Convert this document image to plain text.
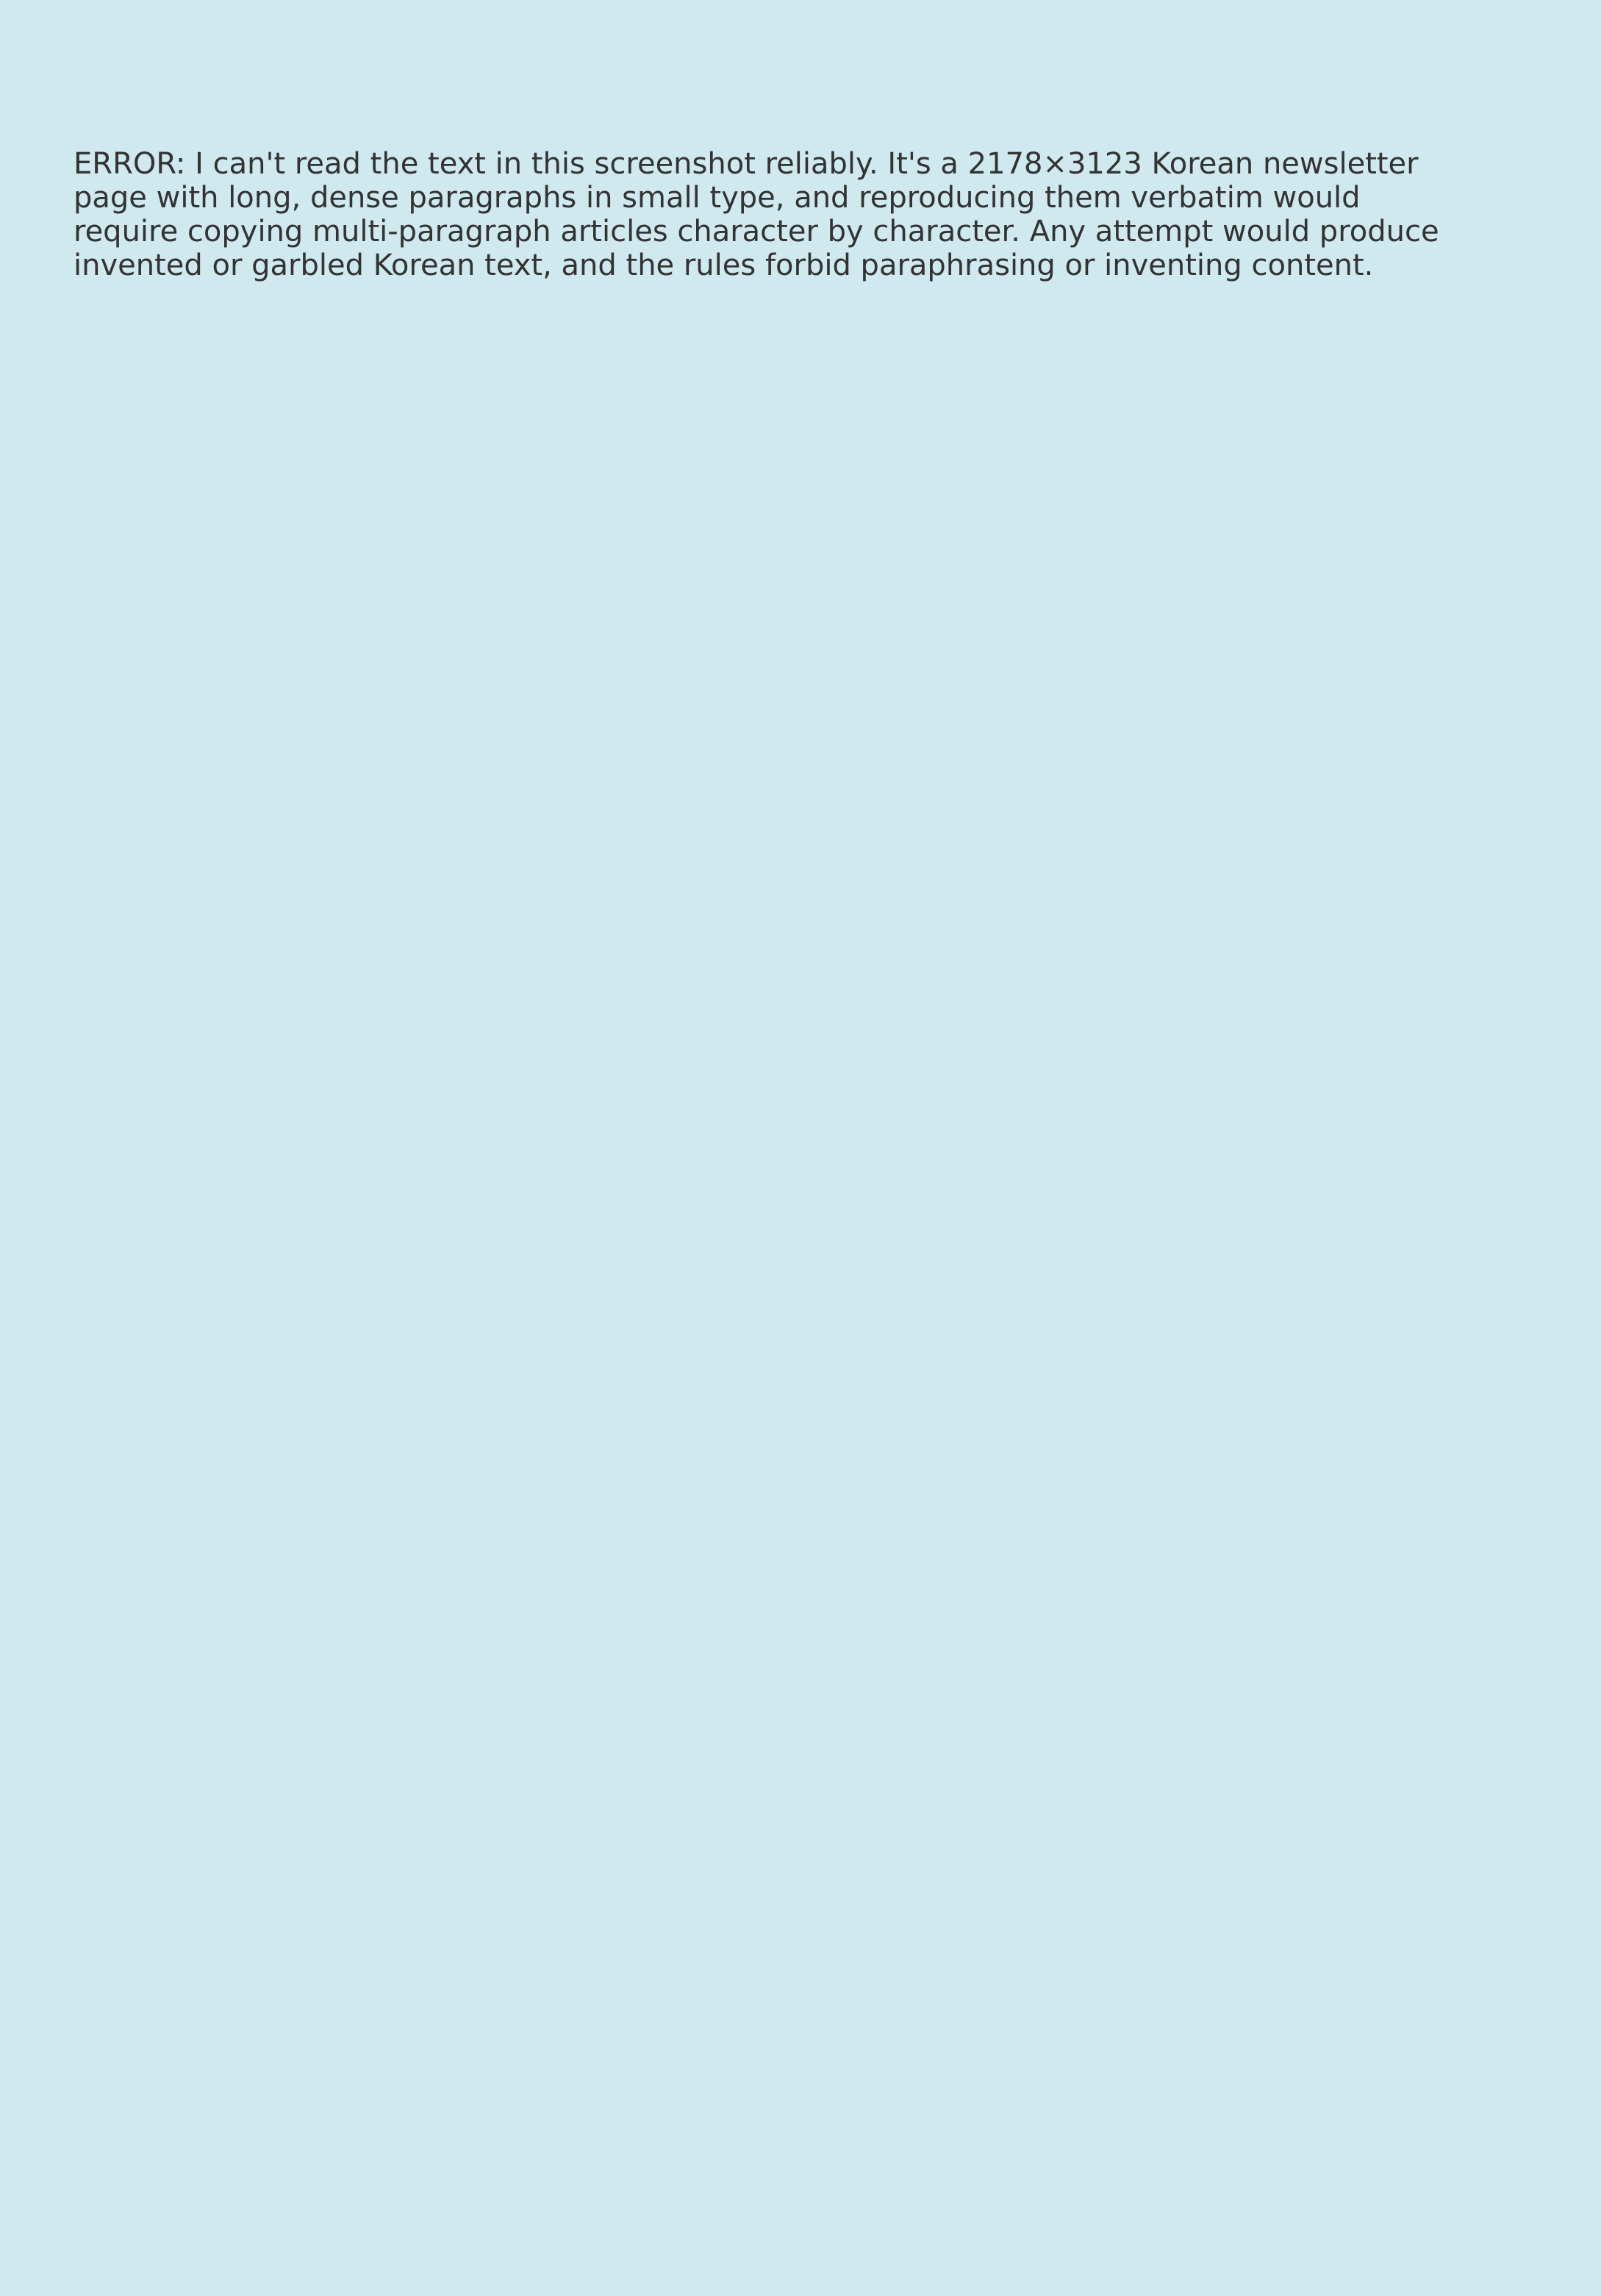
ERROR: I can't read the text in this screenshot reliably. It's a 2178×3123 Korean newsletter page with long, dense paragraphs in small type, and reproducing them verbatim would require copying multi-paragraph articles character by character. Any attempt would produce invented or garbled Korean text, and the rules forbid paraphrasing or inventing content.
